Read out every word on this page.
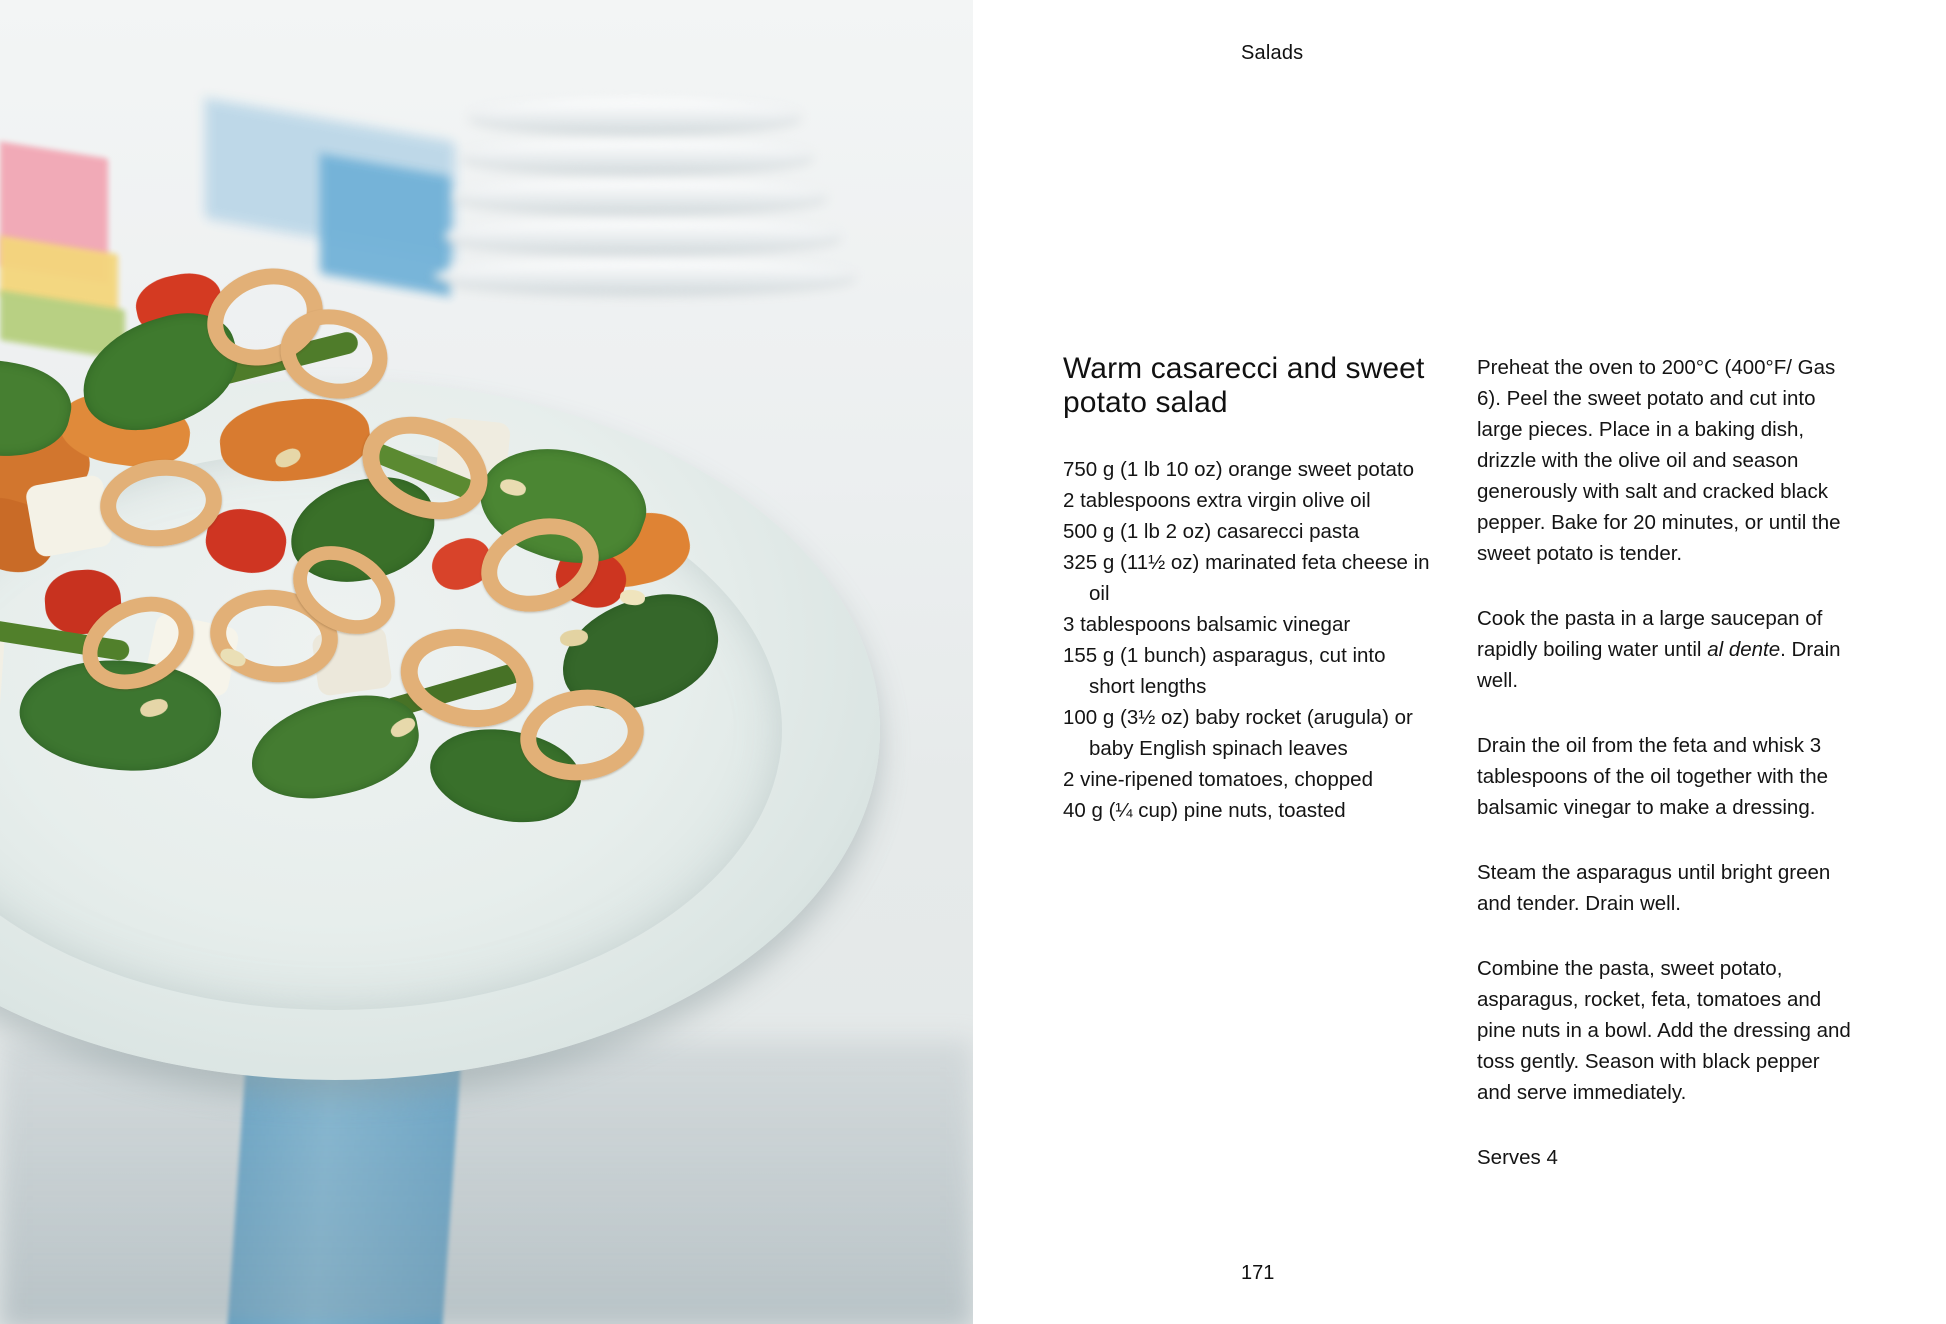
Salads
Warm casarecci and sweet potato salad
750 g (1 lb 10 oz) orange sweet potato
2 tablespoons extra virgin olive oil
500 g (1 lb 2 oz) casarecci pasta
325 g (11½ oz) marinated feta cheese in oil
3 tablespoons balsamic vinegar
155 g (1 bunch) asparagus, cut into short lengths
100 g (3½ oz) baby rocket (arugula) or baby English spinach leaves
2 vine-ripened tomatoes, chopped
40 g (¼ cup) pine nuts, toasted

Preheat the oven to 200°C (400°F/ Gas 6). Peel the sweet potato and cut into large pieces. Place in a baking dish, drizzle with the olive oil and season generously with salt and cracked black pepper. Bake for 20 minutes, or until the sweet potato is tender.

Cook the pasta in a large saucepan of rapidly boiling water until al dente. Drain well.

Drain the oil from the feta and whisk 3 tablespoons of the oil together with the balsamic vinegar to make a dressing.

Steam the asparagus until bright green and tender. Drain well.

Combine the pasta, sweet potato, asparagus, rocket, feta, tomatoes and pine nuts in a bowl. Add the dressing and toss gently. Season with black pepper and serve immediately.

Serves 4
171
